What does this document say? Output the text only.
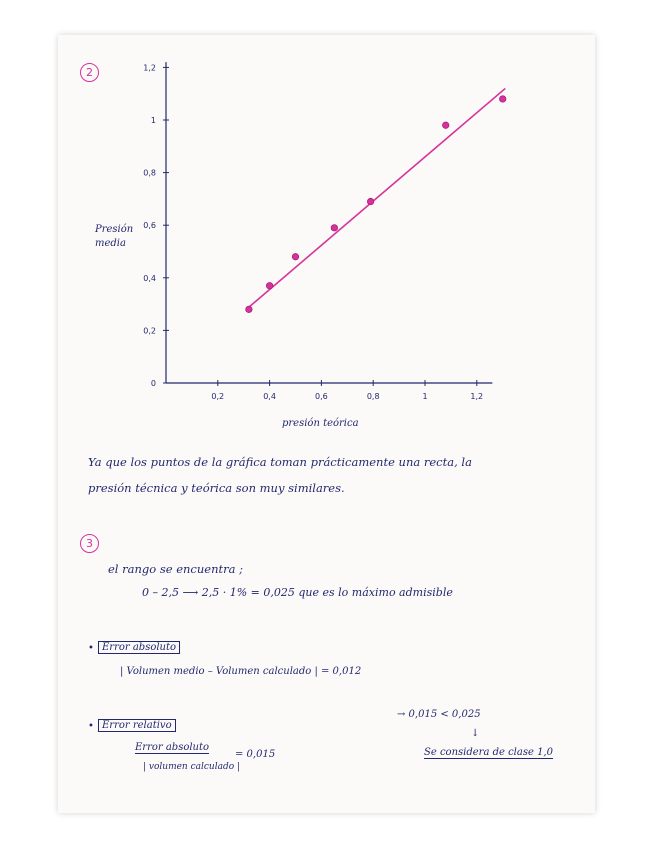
2
0,2	0,4	0,6	0,8	1	1,2
0
0,2
0,4
0,6
0,8
1
1,2
Presión media
presión teórica
Ya que los puntos de la gráfica toman prácticamente una recta, la
presión técnica y teórica son muy similares.
3
el rango se encuentra ;
0 – 2,5 ⟶ 2,5 · 1% = 0,025 que es lo máximo admisible
• Error absoluto
| Volumen medio – Volumen calculado | = 0,012
• Error relativo
Error absoluto
| volumen calculado |
= 0,015
→ 0,015 < 0,025
↓
Se considera de clase 1,0
